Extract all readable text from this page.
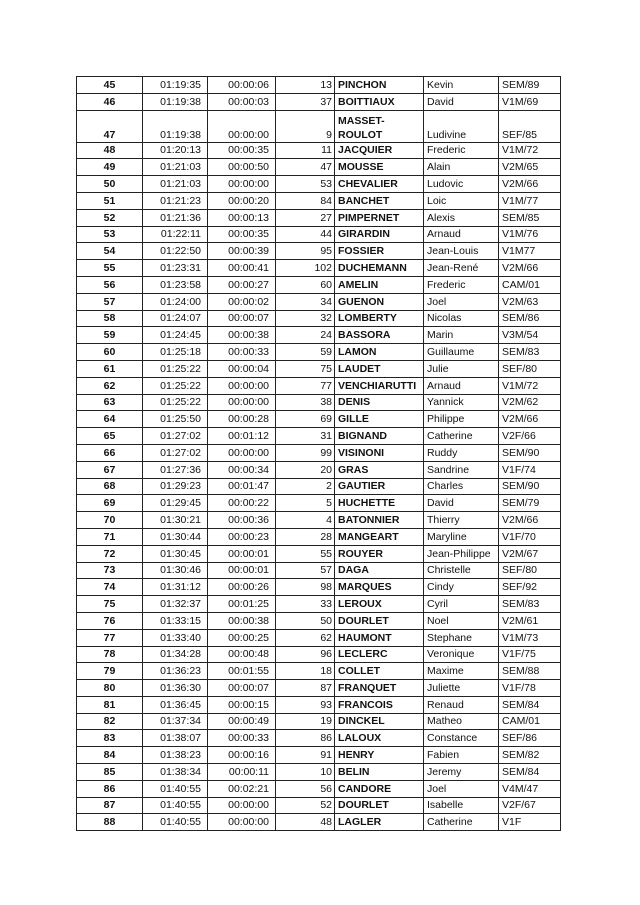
45	01:19:35	00:00:06	13	PINCHON	Kevin	SEM/89
46	01:19:38	00:00:03	37	BOITTIAUX	David	V1M/69
47	01:19:38	00:00:00	9	MASSET-
ROULOT	Ludivine	SEF/85
48	01:20:13	00:00:35	11	JACQUIER	Frederic	V1M/72
49	01:21:03	00:00:50	47	MOUSSE	Alain	V2M/65
50	01:21:03	00:00:00	53	CHEVALIER	Ludovic	V2M/66
51	01:21:23	00:00:20	84	BANCHET	Loic	V1M/77
52	01:21:36	00:00:13	27	PIMPERNET	Alexis	SEM/85
53	01:22:11	00:00:35	44	GIRARDIN	Arnaud	V1M/76
54	01:22:50	00:00:39	95	FOSSIER	Jean-Louis	V1M77
55	01:23:31	00:00:41	102	DUCHEMANN	Jean-René	V2M/66
56	01:23:58	00:00:27	60	AMELIN	Frederic	CAM/01
57	01:24:00	00:00:02	34	GUENON	Joel	V2M/63
58	01:24:07	00:00:07	32	LOMBERTY	Nicolas	SEM/86
59	01:24:45	00:00:38	24	BASSORA	Marin	V3M/54
60	01:25:18	00:00:33	59	LAMON	Guillaume	SEM/83
61	01:25:22	00:00:04	75	LAUDET	Julie	SEF/80
62	01:25:22	00:00:00	77	VENCHIARUTTI	Arnaud	V1M/72
63	01:25:22	00:00:00	38	DENIS	Yannick	V2M/62
64	01:25:50	00:00:28	69	GILLE	Philippe	V2M/66
65	01:27:02	00:01:12	31	BIGNAND	Catherine	V2F/66
66	01:27:02	00:00:00	99	VISINONI	Ruddy	SEM/90
67	01:27:36	00:00:34	20	GRAS	Sandrine	V1F/74
68	01:29:23	00:01:47	2	GAUTIER	Charles	SEM/90
69	01:29:45	00:00:22	5	HUCHETTE	David	SEM/79
70	01:30:21	00:00:36	4	BATONNIER	Thierry	V2M/66
71	01:30:44	00:00:23	28	MANGEART	Maryline	V1F/70
72	01:30:45	00:00:01	55	ROUYER	Jean-Philippe	V2M/67
73	01:30:46	00:00:01	57	DAGA	Christelle	SEF/80
74	01:31:12	00:00:26	98	MARQUES	Cindy	SEF/92
75	01:32:37	00:01:25	33	LEROUX	Cyril	SEM/83
76	01:33:15	00:00:38	50	DOURLET	Noel	V2M/61
77	01:33:40	00:00:25	62	HAUMONT	Stephane	V1M/73
78	01:34:28	00:00:48	96	LECLERC	Veronique	V1F/75
79	01:36:23	00:01:55	18	COLLET	Maxime	SEM/88
80	01:36:30	00:00:07	87	FRANQUET	Juliette	V1F/78
81	01:36:45	00:00:15	93	FRANCOIS	Renaud	SEM/84
82	01:37:34	00:00:49	19	DINCKEL	Matheo	CAM/01
83	01:38:07	00:00:33	86	LALOUX	Constance	SEF/86
84	01:38:23	00:00:16	91	HENRY	Fabien	SEM/82
85	01:38:34	00:00:11	10	BELIN	Jeremy	SEM/84
86	01:40:55	00:02:21	56	CANDORE	Joel	V4M/47
87	01:40:55	00:00:00	52	DOURLET	Isabelle	V2F/67
88	01:40:55	00:00:00	48	LAGLER	Catherine	V1F
